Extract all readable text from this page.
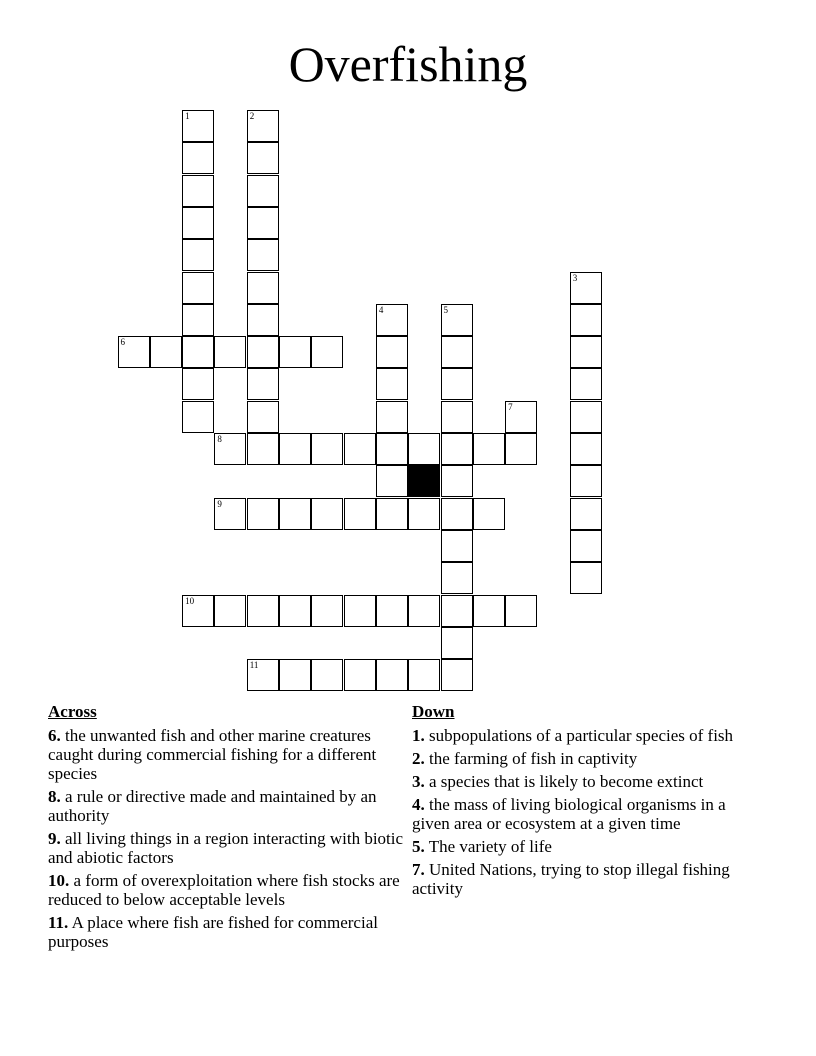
Overfishing
1	2
3
4	5
6
7
8
9
10
11
Across
6. the unwanted fish and other marine creatures caught during commercial fishing for a different species
8. a rule or directive made and maintained by an authority
9. all living things in a region interacting with biotic and abiotic factors
10. a form of overexploitation where fish stocks are reduced to below acceptable levels
11. A place where fish are fished for commercial purposes
Down
1. subpopulations of a particular species of fish
2. the farming of fish in captivity
3. a species that is likely to become extinct
4. the mass of living biological organisms in a given area or ecosystem at a given time
5. The variety of life
7. United Nations, trying to stop illegal fishing activity
